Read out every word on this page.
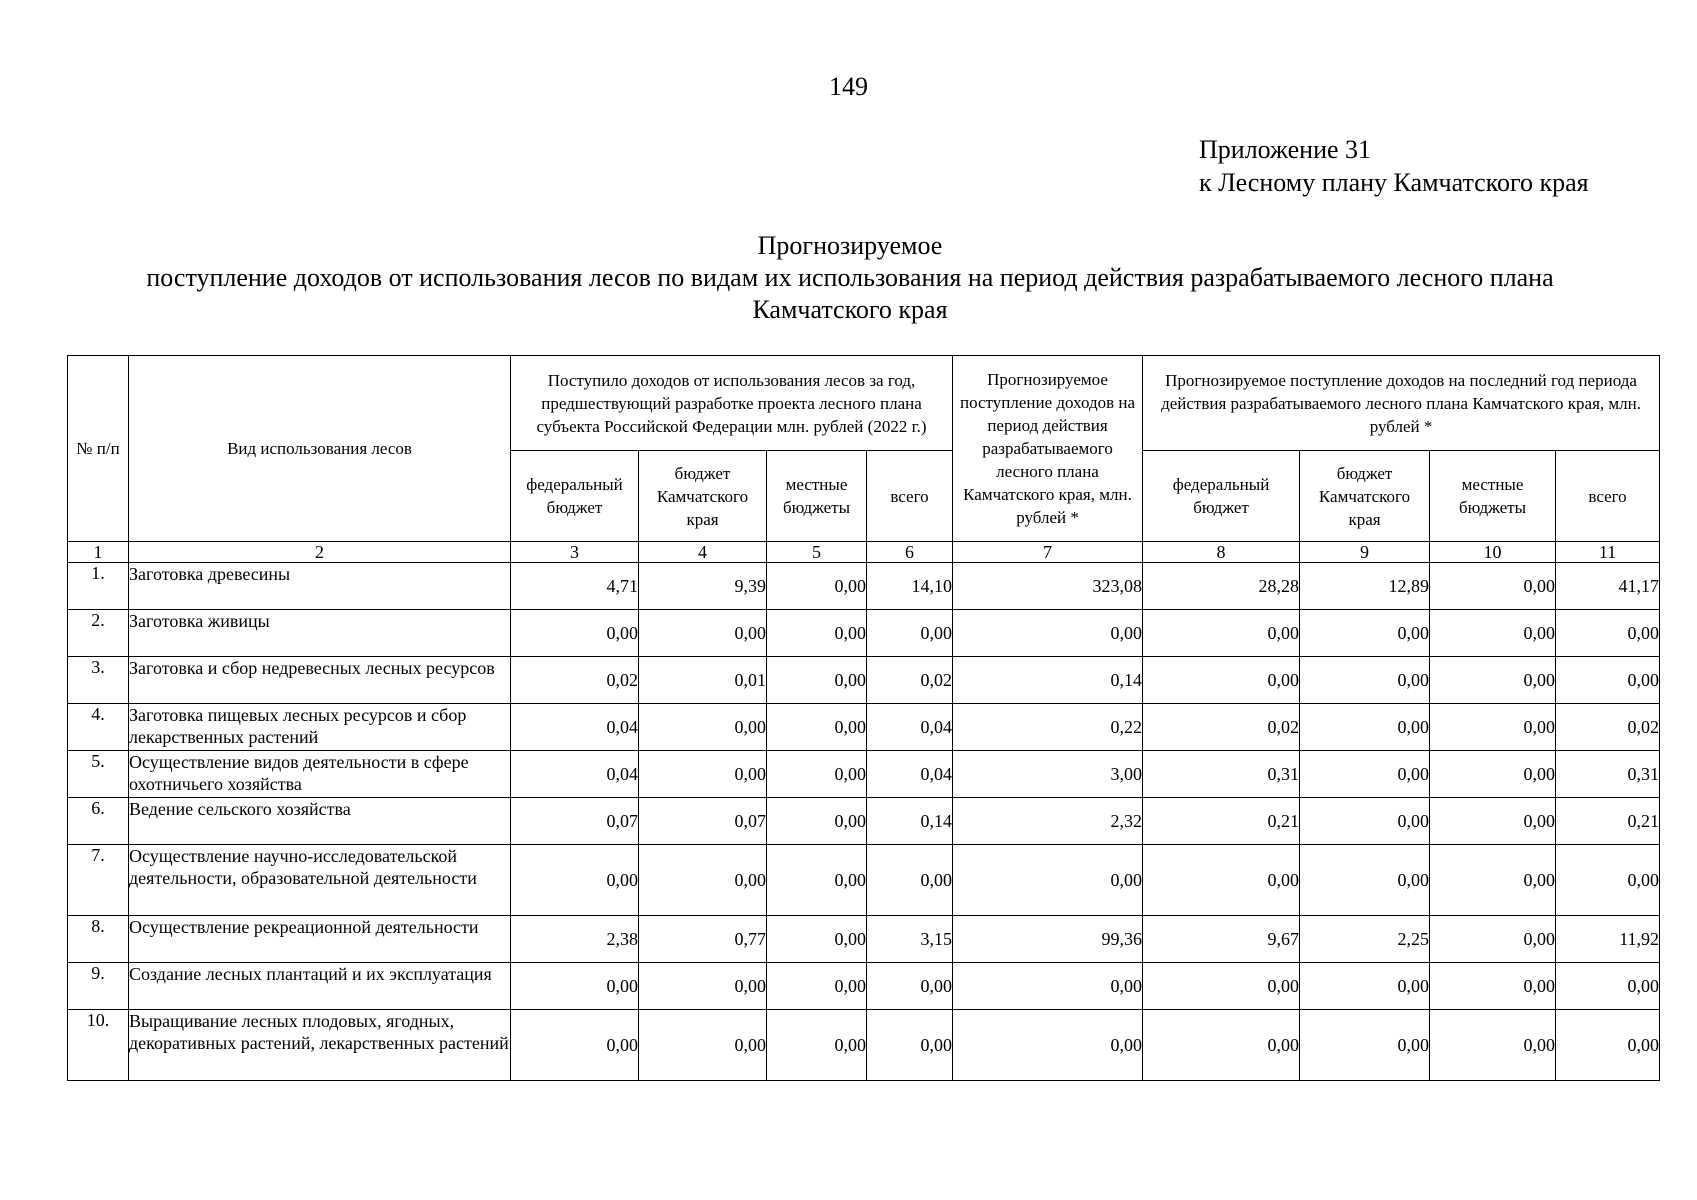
149
Приложение 31
к Лесному плану Камчатского края
Прогнозируемое
поступление доходов от использования лесов по видам их использования на период действия разрабатываемого лесного плана
Камчатского края
№ п/п	Вид использования лесов	Поступило доходов от использования лесов за год, предшествующий разработке проекта лесного плана субъекта Российской Федерации млн. рублей (2022 г.)				Прогнозируемое поступление доходов на период действия разрабатываемого лесного плана Камчатского края, млн. рублей *	Прогнозируемое поступление доходов на последний год периода действия разрабатываемого лесного плана Камчатского края, млн. рублей *			
		федеральный бюджет	бюджет Камчатского края	местные бюджеты	всего		федеральный бюджет	бюджет Камчатского края	местные бюджеты	всего
1	2	3	4	5	6	7	8	9	10	11
1.	Заготовка древесины	4,71	9,39	0,00	14,10	323,08	28,28	12,89	0,00	41,17
2.	Заготовка живицы	0,00	0,00	0,00	0,00	0,00	0,00	0,00	0,00	0,00
3.	Заготовка и сбор недревесных лесных ресурсов	0,02	0,01	0,00	0,02	0,14	0,00	0,00	0,00	0,00
4.	Заготовка пищевых лесных ресурсов и сбор лекарственных растений	0,04	0,00	0,00	0,04	0,22	0,02	0,00	0,00	0,02
5.	Осуществление видов деятельности в сфере охотничьего хозяйства	0,04	0,00	0,00	0,04	3,00	0,31	0,00	0,00	0,31
6.	Ведение сельского хозяйства	0,07	0,07	0,00	0,14	2,32	0,21	0,00	0,00	0,21
7.	Осуществление научно-исследовательской деятельности, образовательной деятельности	0,00	0,00	0,00	0,00	0,00	0,00	0,00	0,00	0,00
8.	Осуществление рекреационной деятельности	2,38	0,77	0,00	3,15	99,36	9,67	2,25	0,00	11,92
9.	Создание лесных плантаций и их эксплуатация	0,00	0,00	0,00	0,00	0,00	0,00	0,00	0,00	0,00
10.	Выращивание лесных плодовых, ягодных, декоративных растений, лекарственных растений	0,00	0,00	0,00	0,00	0,00	0,00	0,00	0,00	0,00
